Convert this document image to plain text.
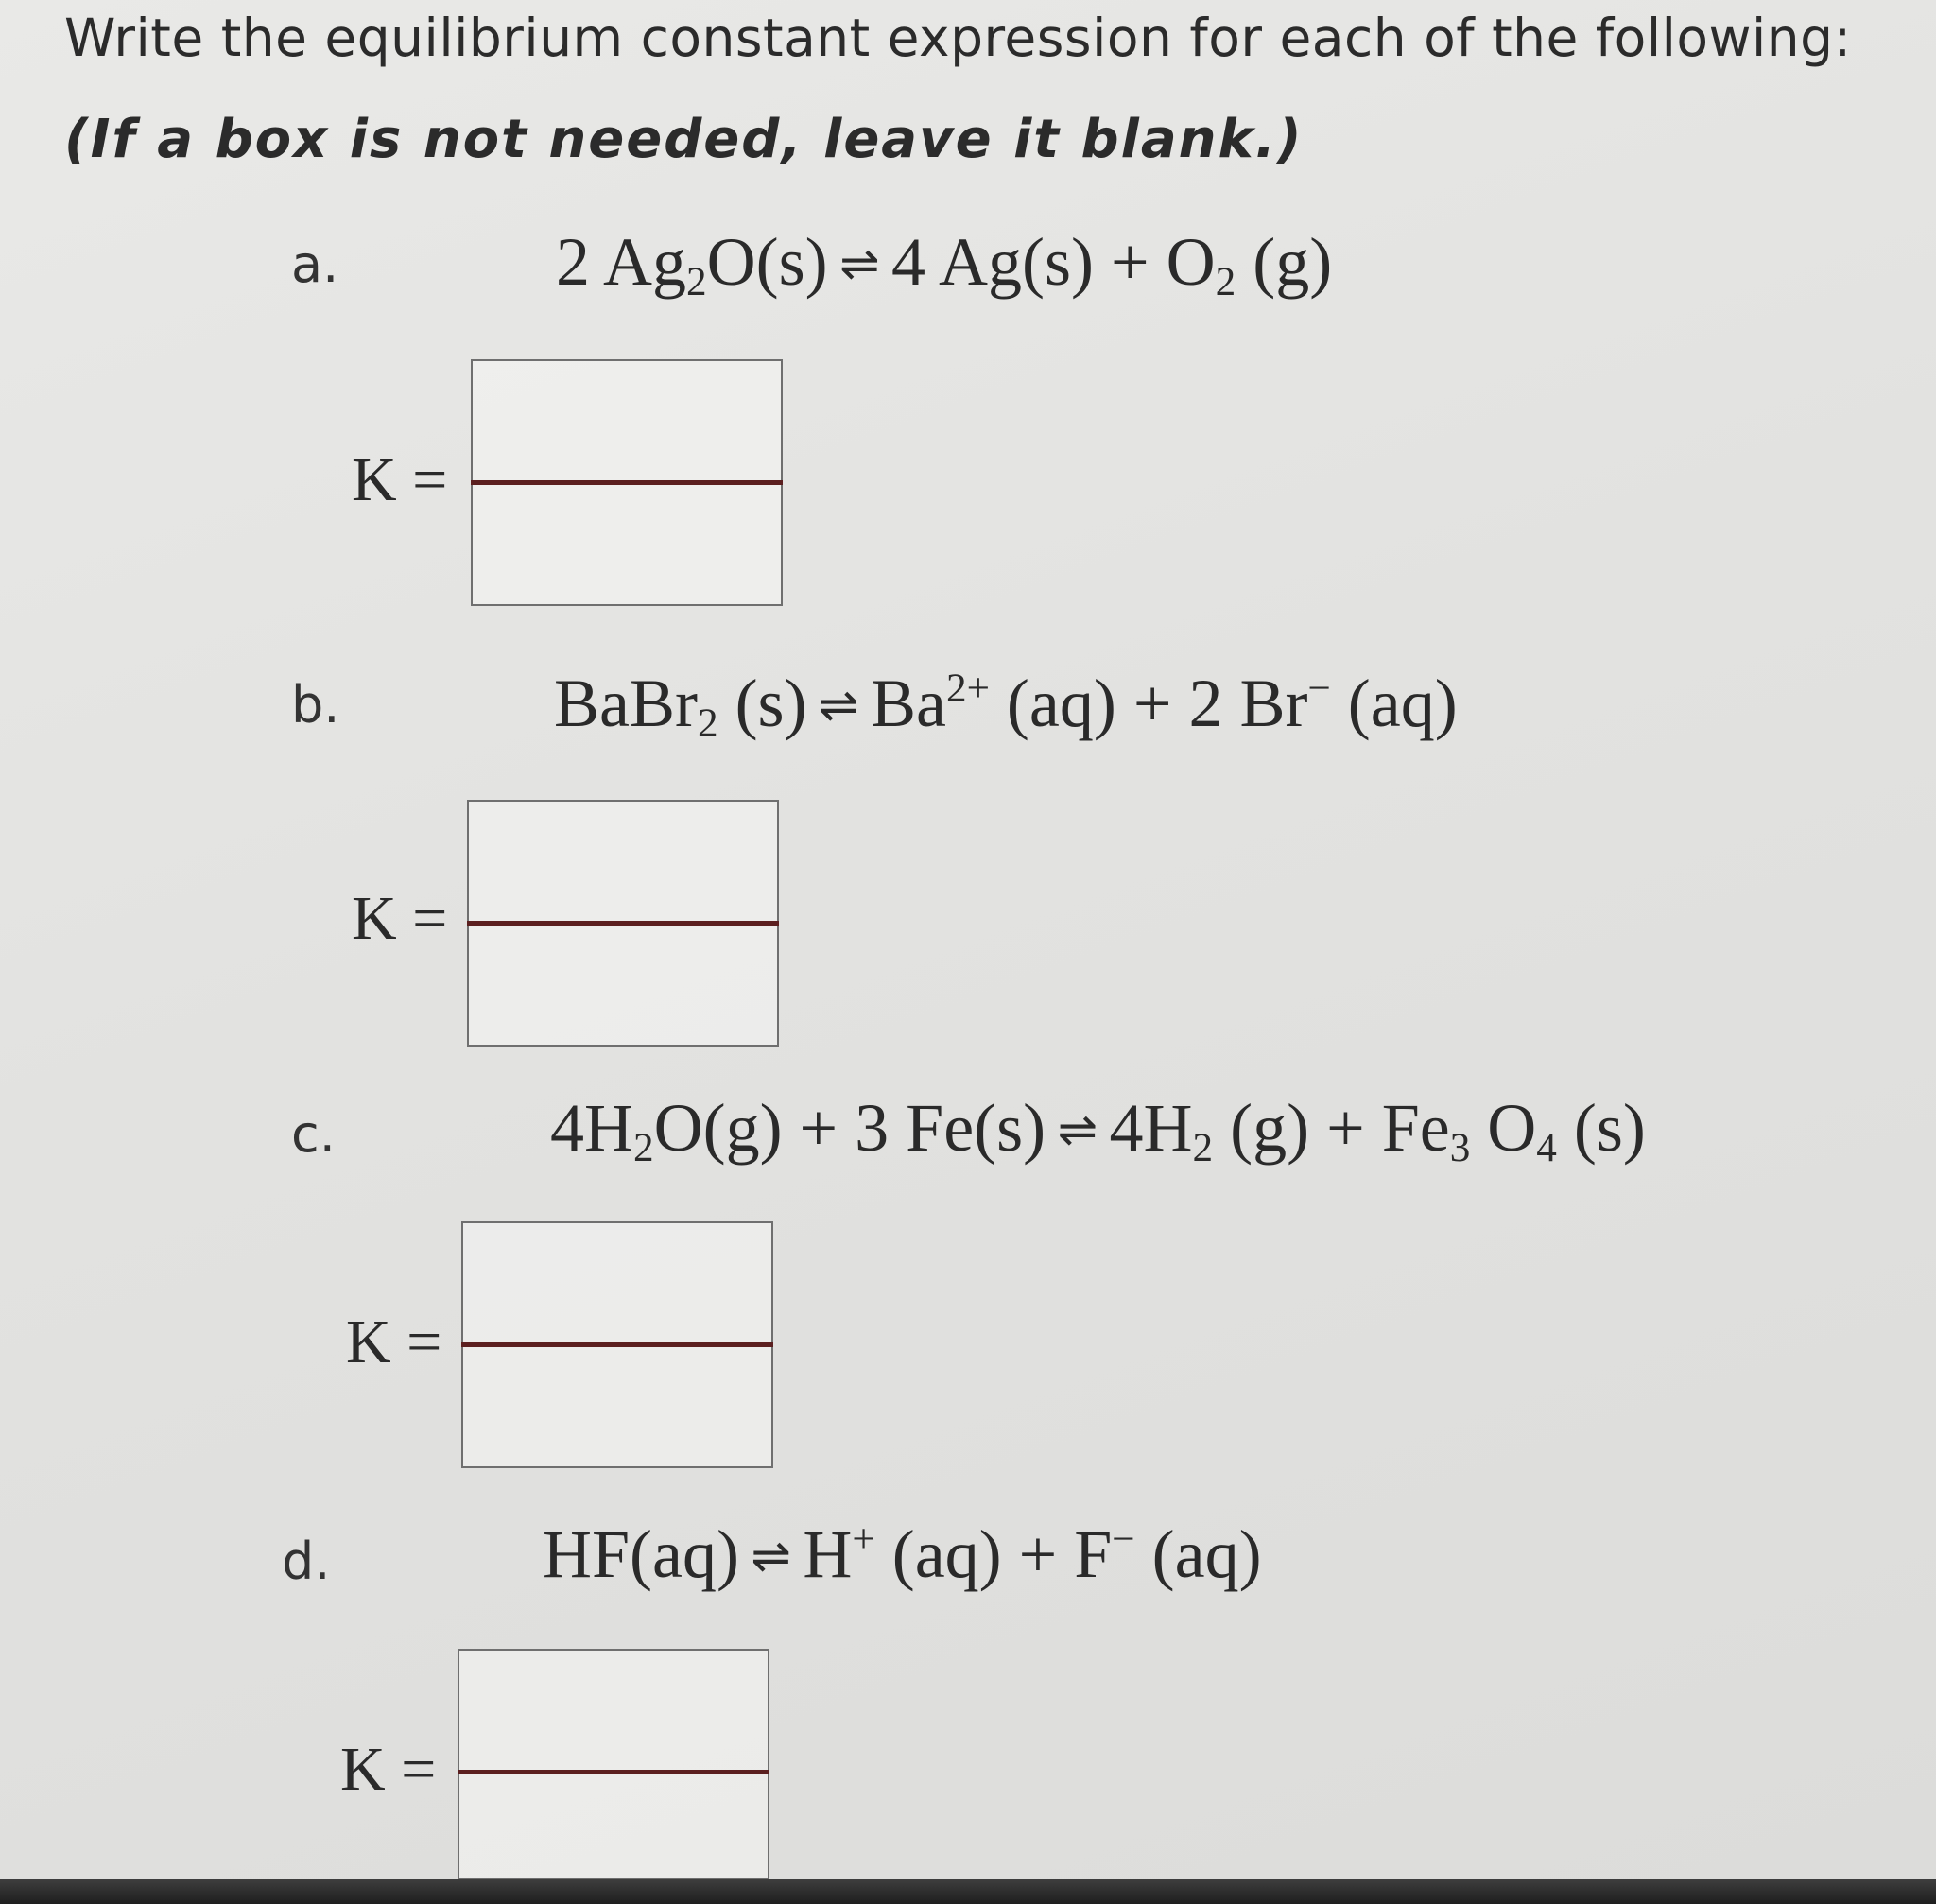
Write the equilibrium constant expression for each of the following:

(If a box is not needed, leave it blank.)

a.	2 $Ag_2O(s)$ ⇌ 4 $Ag(s) + O_2$ (g)
K =
b.	BaBr$_2$ (s) ⇌ $Ba^{2+}$ (aq) + 2 Br− (aq)
K =
c.	$4H_2O(g) + 3$ Fe(s) ⇌ $4H_2$ $(g) + Fe_3$ $O_4$ (s)
K =
d.	HF(aq) ⇌ H+ (aq) + F− (aq)
K =
